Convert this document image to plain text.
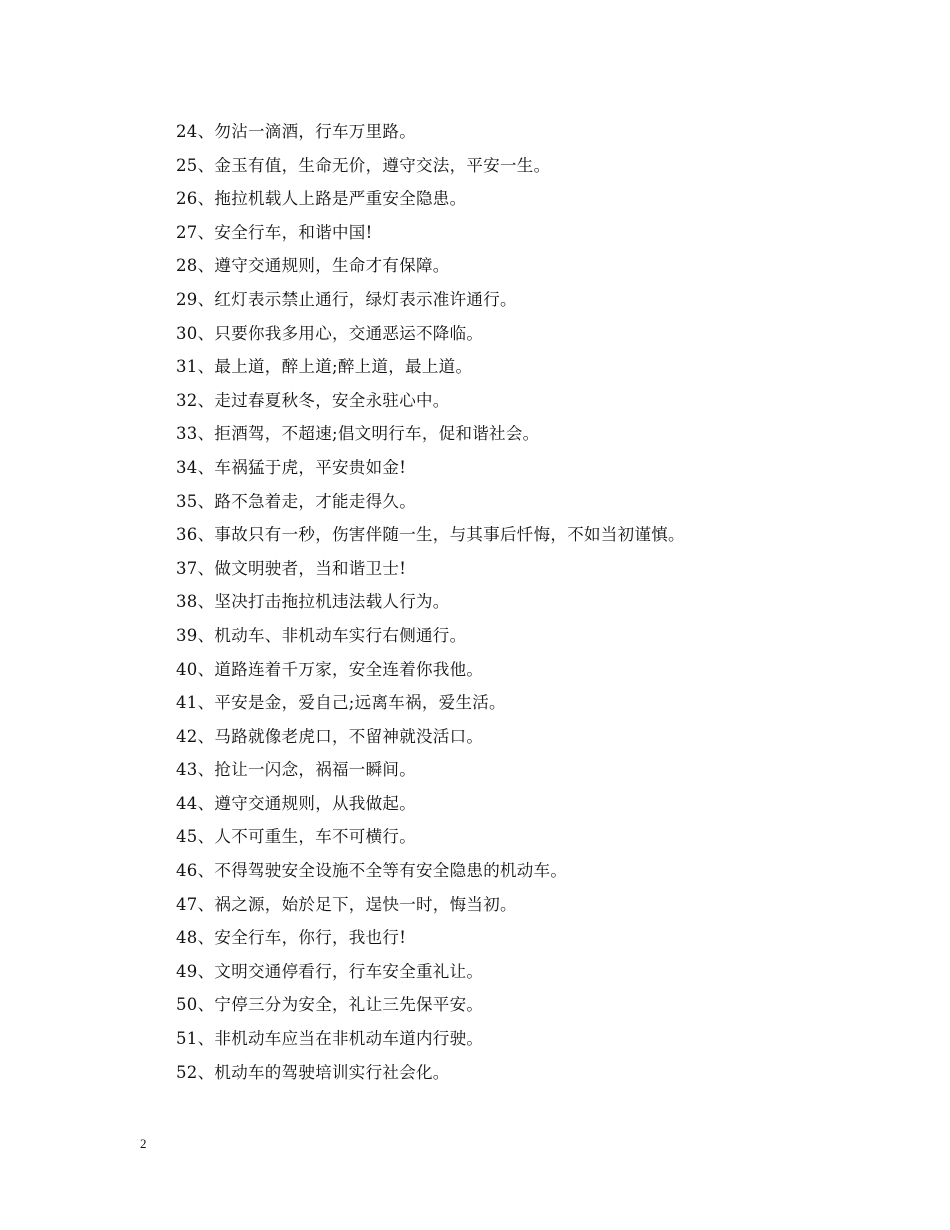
24、勿沾一滴酒，行车万里路。
25、金玉有值，生命无价，遵守交法，平安一生。
26、拖拉机载人上路是严重安全隐患。
27、安全行车，和谐中国!
28、遵守交通规则，生命才有保障。
29、红灯表示禁止通行，绿灯表示准许通行。
30、只要你我多用心，交通恶运不降临。
31、最上道，醉上道;醉上道，最上道。
32、走过春夏秋冬，安全永驻心中。
33、拒酒驾，不超速;倡文明行车，促和谐社会。
34、车祸猛于虎，平安贵如金!
35、路不急着走，才能走得久。
36、事故只有一秒，伤害伴随一生，与其事后忏悔，不如当初谨慎。
37、做文明驶者，当和谐卫士!
38、坚决打击拖拉机违法载人行为。
39、机动车、非机动车实行右侧通行。
40、道路连着千万家，安全连着你我他。
41、平安是金，爱自己;远离车祸，爱生活。
42、马路就像老虎口，不留神就没活口。
43、抢让一闪念，祸福一瞬间。
44、遵守交通规则，从我做起。
45、人不可重生，车不可横行。
46、不得驾驶安全设施不全等有安全隐患的机动车。
47、祸之源，始於足下，逞快一时，悔当初。
48、安全行车，你行，我也行!
49、文明交通停看行，行车安全重礼让。
50、宁停三分为安全，礼让三先保平安。
51、非机动车应当在非机动车道内行驶。
52、机动车的驾驶培训实行社会化。
2
